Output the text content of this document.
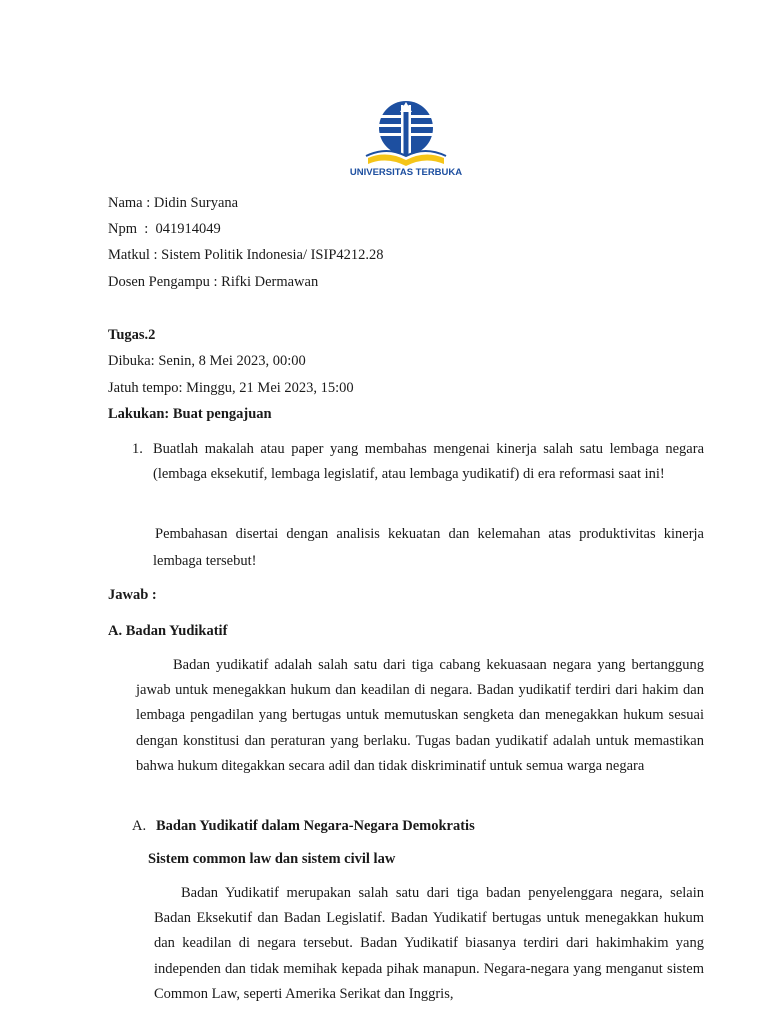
UNIVERSITAS TERBUKA
Nama : Didin Suryana
Npm  :  041914049
Matkul : Sistem Politik Indonesia/ ISIP4212.28
Dosen Pengampu : Rifki Dermawan
Tugas.2
Dibuka: Senin, 8 Mei 2023, 00:00
Jatuh tempo: Minggu, 21 Mei 2023, 15:00
Lakukan: Buat pengajuan
1. Buatlah makalah atau paper yang membahas mengenai kinerja salah satu lembaga negara (lembaga eksekutif, lembaga legislatif, atau lembaga yudikatif) di era reformasi saat ini!

Pembahasan disertai dengan analisis kekuatan dan kelemahan atas produktivitas kinerja lembaga tersebut!

Jawab :
A. Badan Yudikatif

Badan yudikatif adalah salah satu dari tiga cabang kekuasaan negara yang bertanggung jawab untuk menegakkan hukum dan keadilan di negara. Badan yudikatif terdiri dari hakim dan lembaga pengadilan yang bertugas untuk memutuskan sengketa dan menegakkan hukum sesuai dengan konstitusi dan peraturan yang berlaku. Tugas badan yudikatif adalah untuk memastikan bahwa hukum ditegakkan secara adil dan tidak diskriminatif untuk semua warga negara

A. Badan Yudikatif dalam Negara-Negara Demokratis
Sistem common law dan sistem civil law

Badan Yudikatif merupakan salah satu dari tiga badan penyelenggara negara, selain Badan Eksekutif dan Badan Legislatif. Badan Yudikatif bertugas untuk menegakkan hukum dan keadilan di negara tersebut. Badan Yudikatif biasanya terdiri dari hakimhakim yang independen dan tidak memihak kepada pihak manapun. Negara-negara yang menganut sistem Common Law, seperti Amerika Serikat dan Inggris,
